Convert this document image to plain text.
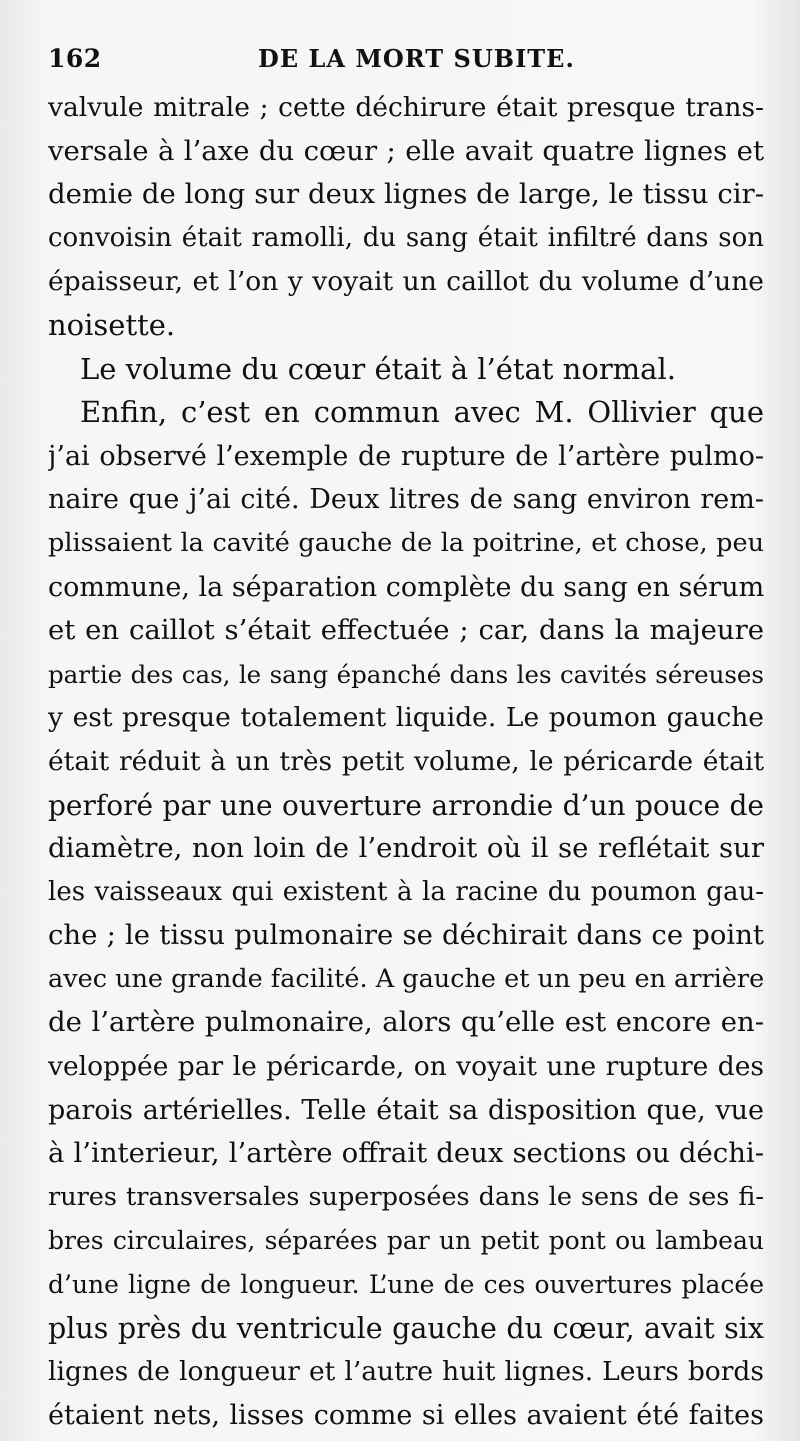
162	DE LA MORT SUBITE.
valvule mitrale ; cette déchirure était presque trans-
versale à l’axe du cœur ; elle avait quatre lignes et
demie de long sur deux lignes de large, le tissu cir-
convoisin était ramolli, du sang était infiltré dans son
épaisseur, et l’on y voyait un caillot du volume d’une
noisette.
Le volume du cœur était à l’état normal.
Enfin, c’est en commun avec M. Ollivier que
j’ai observé l’exemple de rupture de l’artère pulmo-
naire que j’ai cité. Deux litres de sang environ rem-
plissaient la cavité gauche de la poitrine, et chose, peu
commune, la séparation complète du sang en sérum
et en caillot s’était effectuée ; car, dans la majeure
partie des cas, le sang épanché dans les cavités séreuses
y est presque totalement liquide. Le poumon gauche
était réduit à un très petit volume, le péricarde était
perforé par une ouverture arrondie d’un pouce de
diamètre, non loin de l’endroit où il se reflétait sur
les vaisseaux qui existent à la racine du poumon gau-
che ; le tissu pulmonaire se déchirait dans ce point
avec une grande facilité. A gauche et un peu en arrière
de l’artère pulmonaire, alors qu’elle est encore en-
veloppée par le péricarde, on voyait une rupture des
parois artérielles. Telle était sa disposition que, vue
à l’interieur, l’artère offrait deux sections ou déchi-
rures transversales superposées dans le sens de ses fi-
bres circulaires, séparées par un petit pont ou lambeau
d’une ligne de longueur. L’une de ces ouvertures placée
plus près du ventricule gauche du cœur, avait six
lignes de longueur et l’autre huit lignes. Leurs bords
étaient nets, lisses comme si elles avaient été faites
